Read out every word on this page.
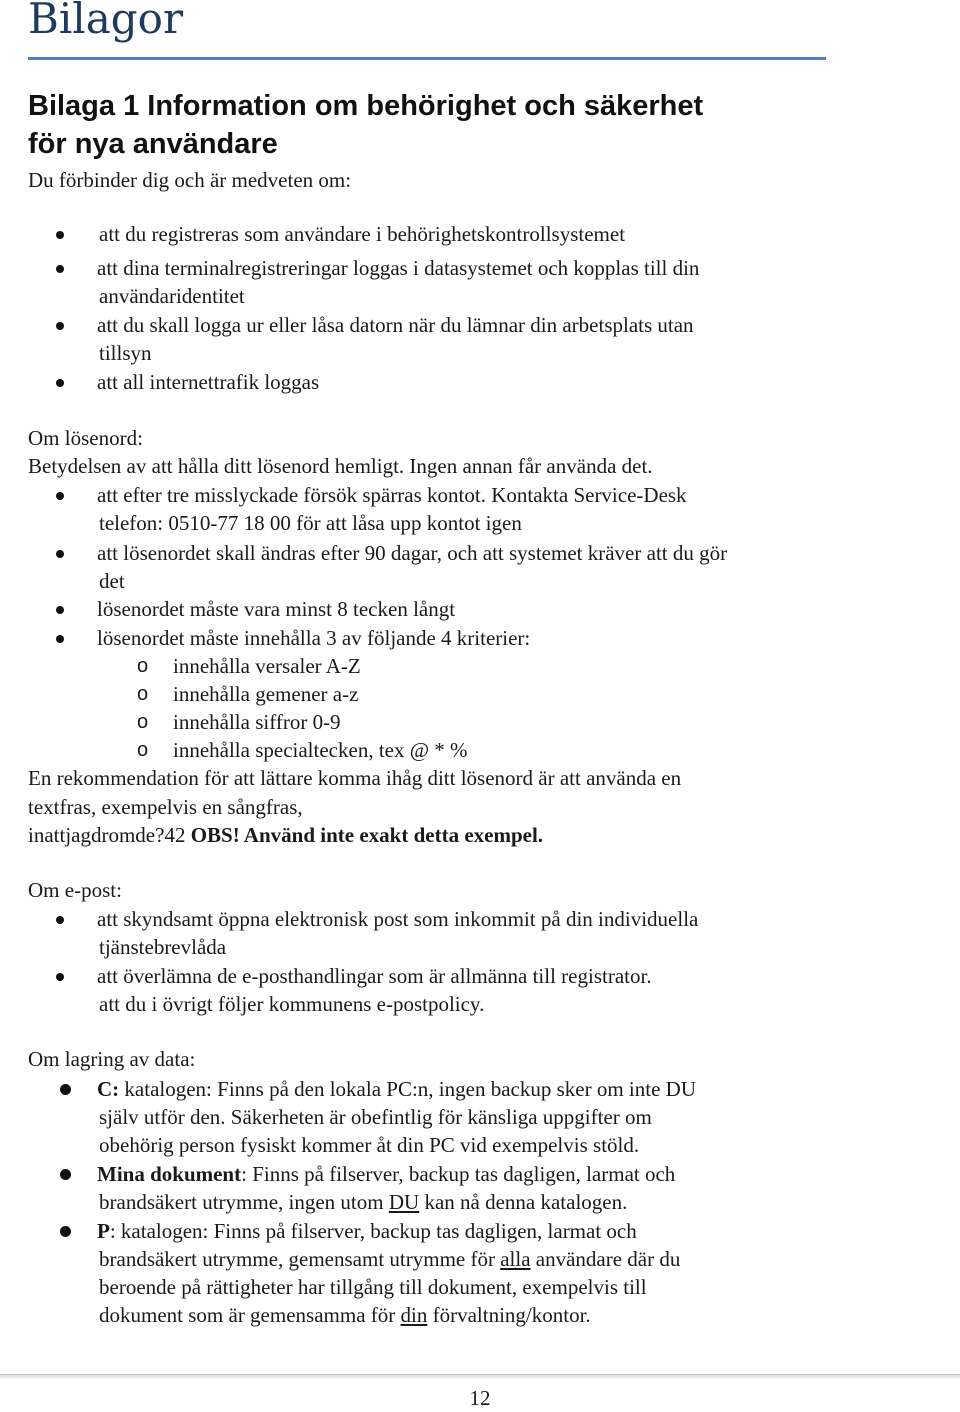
Bilagor
Bilaga 1 Information om behörighet och säkerhet
för nya användare
Du förbinder dig och är medveten om:
att du registreras som användare i behörighetskontrollsystemet
att dina terminalregistreringar loggas i datasystemet och kopplas till din
användaridentitet
att du skall logga ur eller låsa datorn när du lämnar din arbetsplats utan
tillsyn
att all internettrafik loggas
Om lösenord:
Betydelsen av att hålla ditt lösenord hemligt. Ingen annan får använda det.
att efter tre misslyckade försök spärras kontot. Kontakta Service-Desk
telefon: 0510-77 18 00 för att låsa upp kontot igen
att lösenordet skall ändras efter 90 dagar, och att systemet kräver att du gör
det
lösenordet måste vara minst 8 tecken långt
lösenordet måste innehålla 3 av följande 4 kriterier:
o innehålla versaler A-Z
o innehålla gemener a-z
o innehålla siffror 0-9
o innehålla specialtecken, tex @ * %
En rekommendation för att lättare komma ihåg ditt lösenord är att använda en
textfras, exempelvis en sångfras,
inattjagdromde?42 OBS! Använd inte exakt detta exempel.
Om e-post:
att skyndsamt öppna elektronisk post som inkommit på din individuella
tjänstebrevlåda
att överlämna de e-posthandlingar som är allmänna till registrator.
att du i övrigt följer kommunens e-postpolicy.
Om lagring av data:
C: katalogen: Finns på den lokala PC:n, ingen backup sker om inte DU
själv utför den. Säkerheten är obefintlig för känsliga uppgifter om
obehörig person fysiskt kommer åt din PC vid exempelvis stöld.
Mina dokument: Finns på filserver, backup tas dagligen, larmat och
brandsäkert utrymme, ingen utom DU kan nå denna katalogen.
P: katalogen: Finns på filserver, backup tas dagligen, larmat och
brandsäkert utrymme, gemensamt utrymme för alla användare där du
beroende på rättigheter har tillgång till dokument, exempelvis till
dokument som är gemensamma för din förvaltning/kontor.
12
